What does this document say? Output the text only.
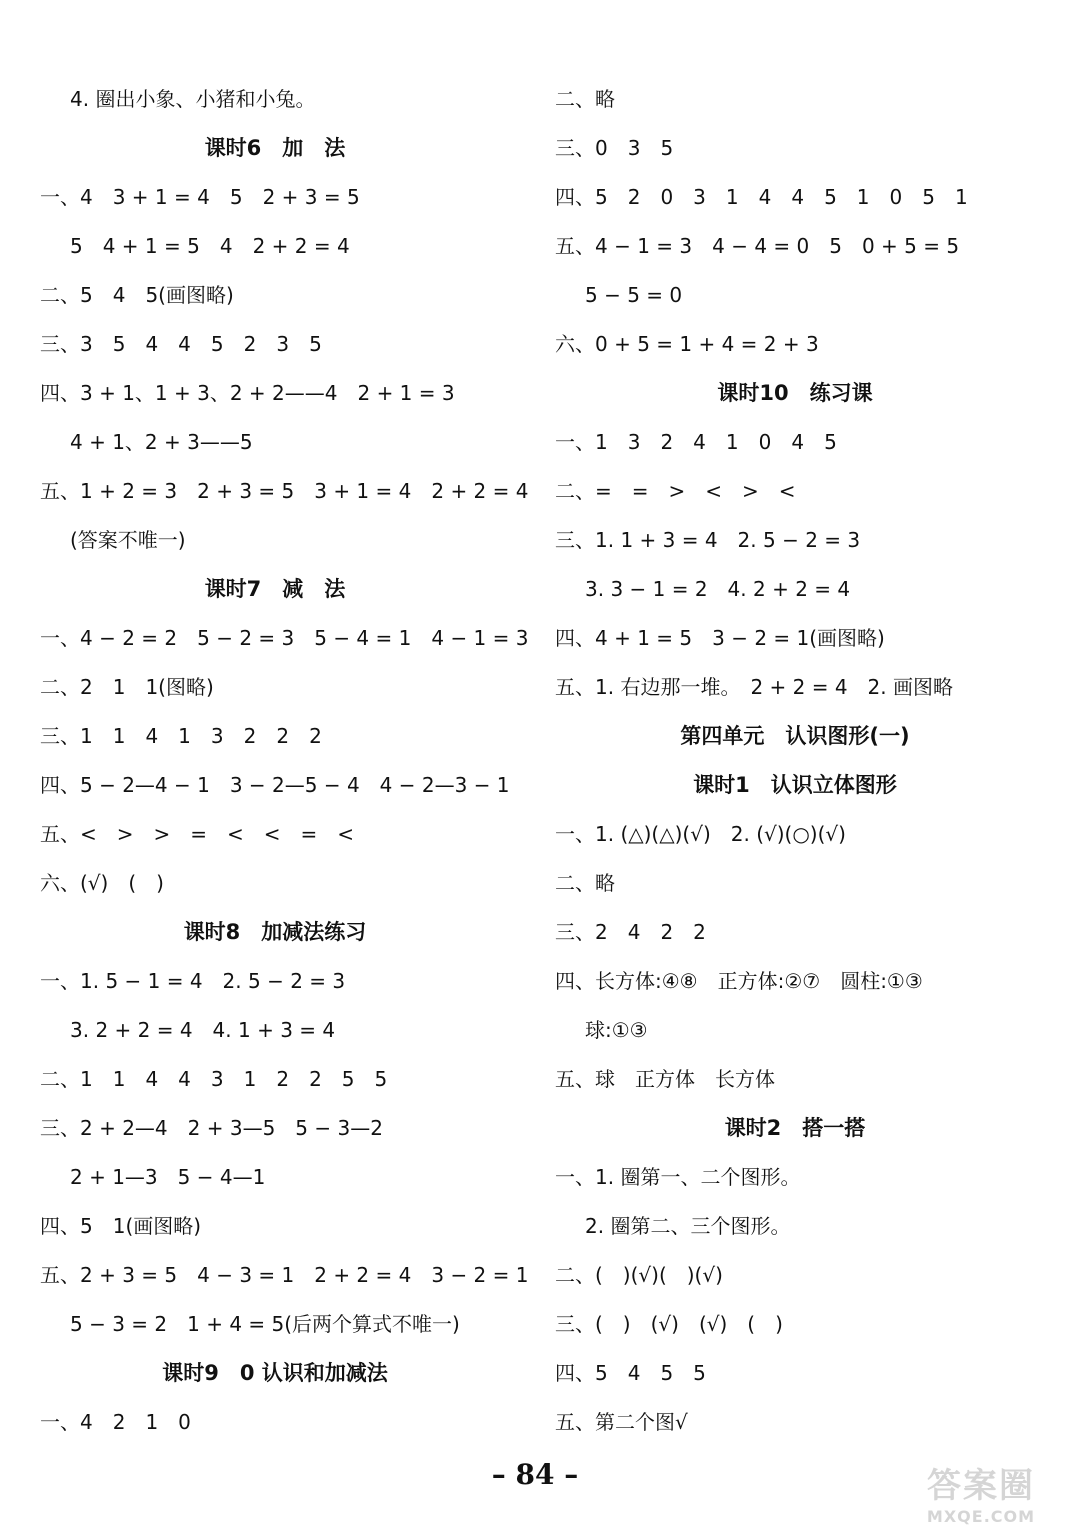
4. 圈出小象、小猪和小兔。
课时6　加　法
一、4　3 + 1 = 4　5　2 + 3 = 5
5　4 + 1 = 5　4　2 + 2 = 4
二、5　4　5(画图略)
三、3　5　4　4　5　2　3　5
四、3 + 1、1 + 3、2 + 2——4　2 + 1 = 3
4 + 1、2 + 3——5
五、1 + 2 = 3　2 + 3 = 5　3 + 1 = 4　2 + 2 = 4
(答案不唯一)
课时7　减　法
一、4 − 2 = 2　5 − 2 = 3　5 − 4 = 1　4 − 1 = 3
二、2　1　1(图略)
三、1　1　4　1　3　2　2　2
四、5 − 2—4 − 1　3 − 2—5 − 4　4 − 2—3 − 1
五、<　>　>　=　<　<　=　<
六、(√)　(　)
课时8　加减法练习
一、1. 5 − 1 = 4　2. 5 − 2 = 3
3. 2 + 2 = 4　4. 1 + 3 = 4
二、1　1　4　4　3　1　2　2　5　5
三、2 + 2—4　2 + 3—5　5 − 3—2
2 + 1—3　5 − 4—1
四、5　1(画图略)
五、2 + 3 = 5　4 − 3 = 1　2 + 2 = 4　3 − 2 = 1
5 − 3 = 2　1 + 4 = 5(后两个算式不唯一)
课时9　0 认识和加减法
一、4　2　1　0
二、略
三、0　3　5
四、5　2　0　3　1　4　4　5　1　0　5　1
五、4 − 1 = 3　4 − 4 = 0　5　0 + 5 = 5
5 − 5 = 0
六、0 + 5 = 1 + 4 = 2 + 3
课时10　练习课
一、1　3　2　4　1　0　4　5
二、=　=　>　<　>　<
三、1. 1 + 3 = 4　2. 5 − 2 = 3
3. 3 − 1 = 2　4. 2 + 2 = 4
四、4 + 1 = 5　3 − 2 = 1(画图略)
五、1. 右边那一堆。　2 + 2 = 4　2. 画图略
第四单元　认识图形(一)
课时1　认识立体图形
一、1. (△)(△)(√)　2. (√)(○)(√)
二、略
三、2　4　2　2
四、长方体:④⑧　正方体:②⑦　圆柱:①③
球:①③
五、球　正方体　长方体
课时2　搭一搭
一、1. 圈第一、二个图形。
2. 圈第二、三个图形。
二、(　)(√)(　)(√)
三、(　)　(√)　(√)　(　)
四、5　4　5　5
五、第二个图√
– 84 –	答案圈
MXQE.COM
